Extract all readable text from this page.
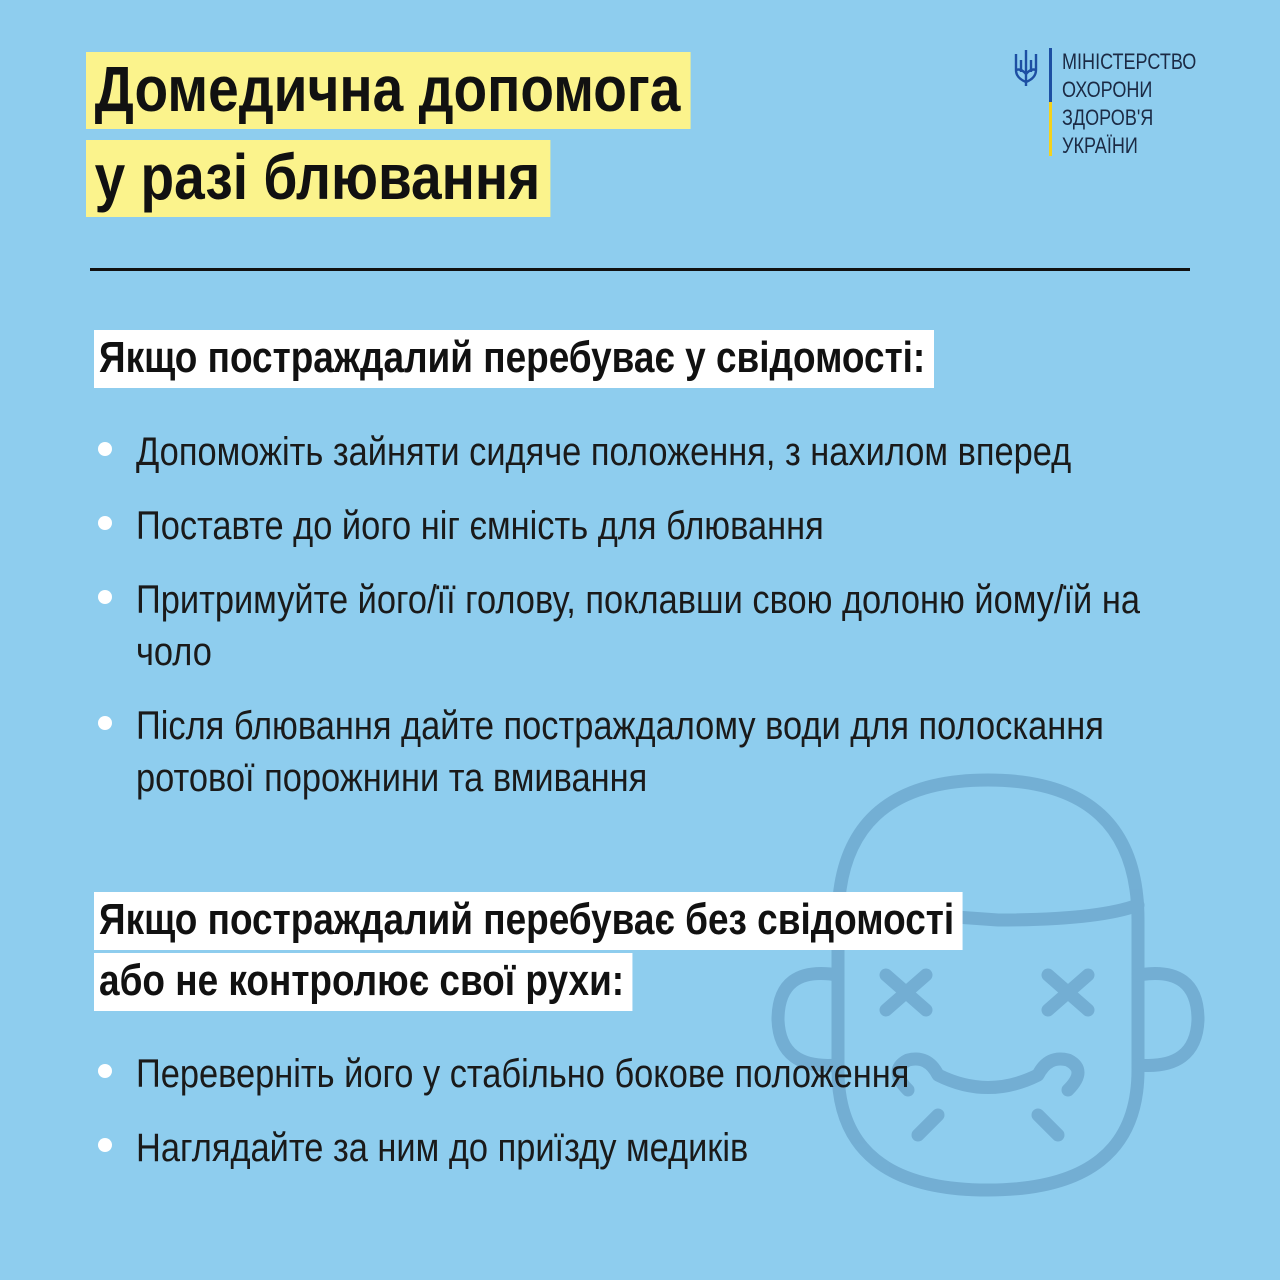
Домедична допомога
у разі блювання
МІНІСТЕРСТВО
ОХОРОНИ
ЗДОРОВ'Я
УКРАЇНИ
Якщо постраждалий перебуває у свідомості:
Допоможіть зайняти сидяче положення, з нахилом вперед
Поставте до його ніг ємність для блювання
Притримуйте його/її голову, поклавши свою долоню йому/їй на чоло
Після блювання дайте постраждалому води для полоскання ротової порожнини та вмивання
Якщо постраждалий перебуває без свідомості
або не контролює свої рухи:
Переверніть його у стабільно бокове положення
Наглядайте за ним до приїзду медиків
